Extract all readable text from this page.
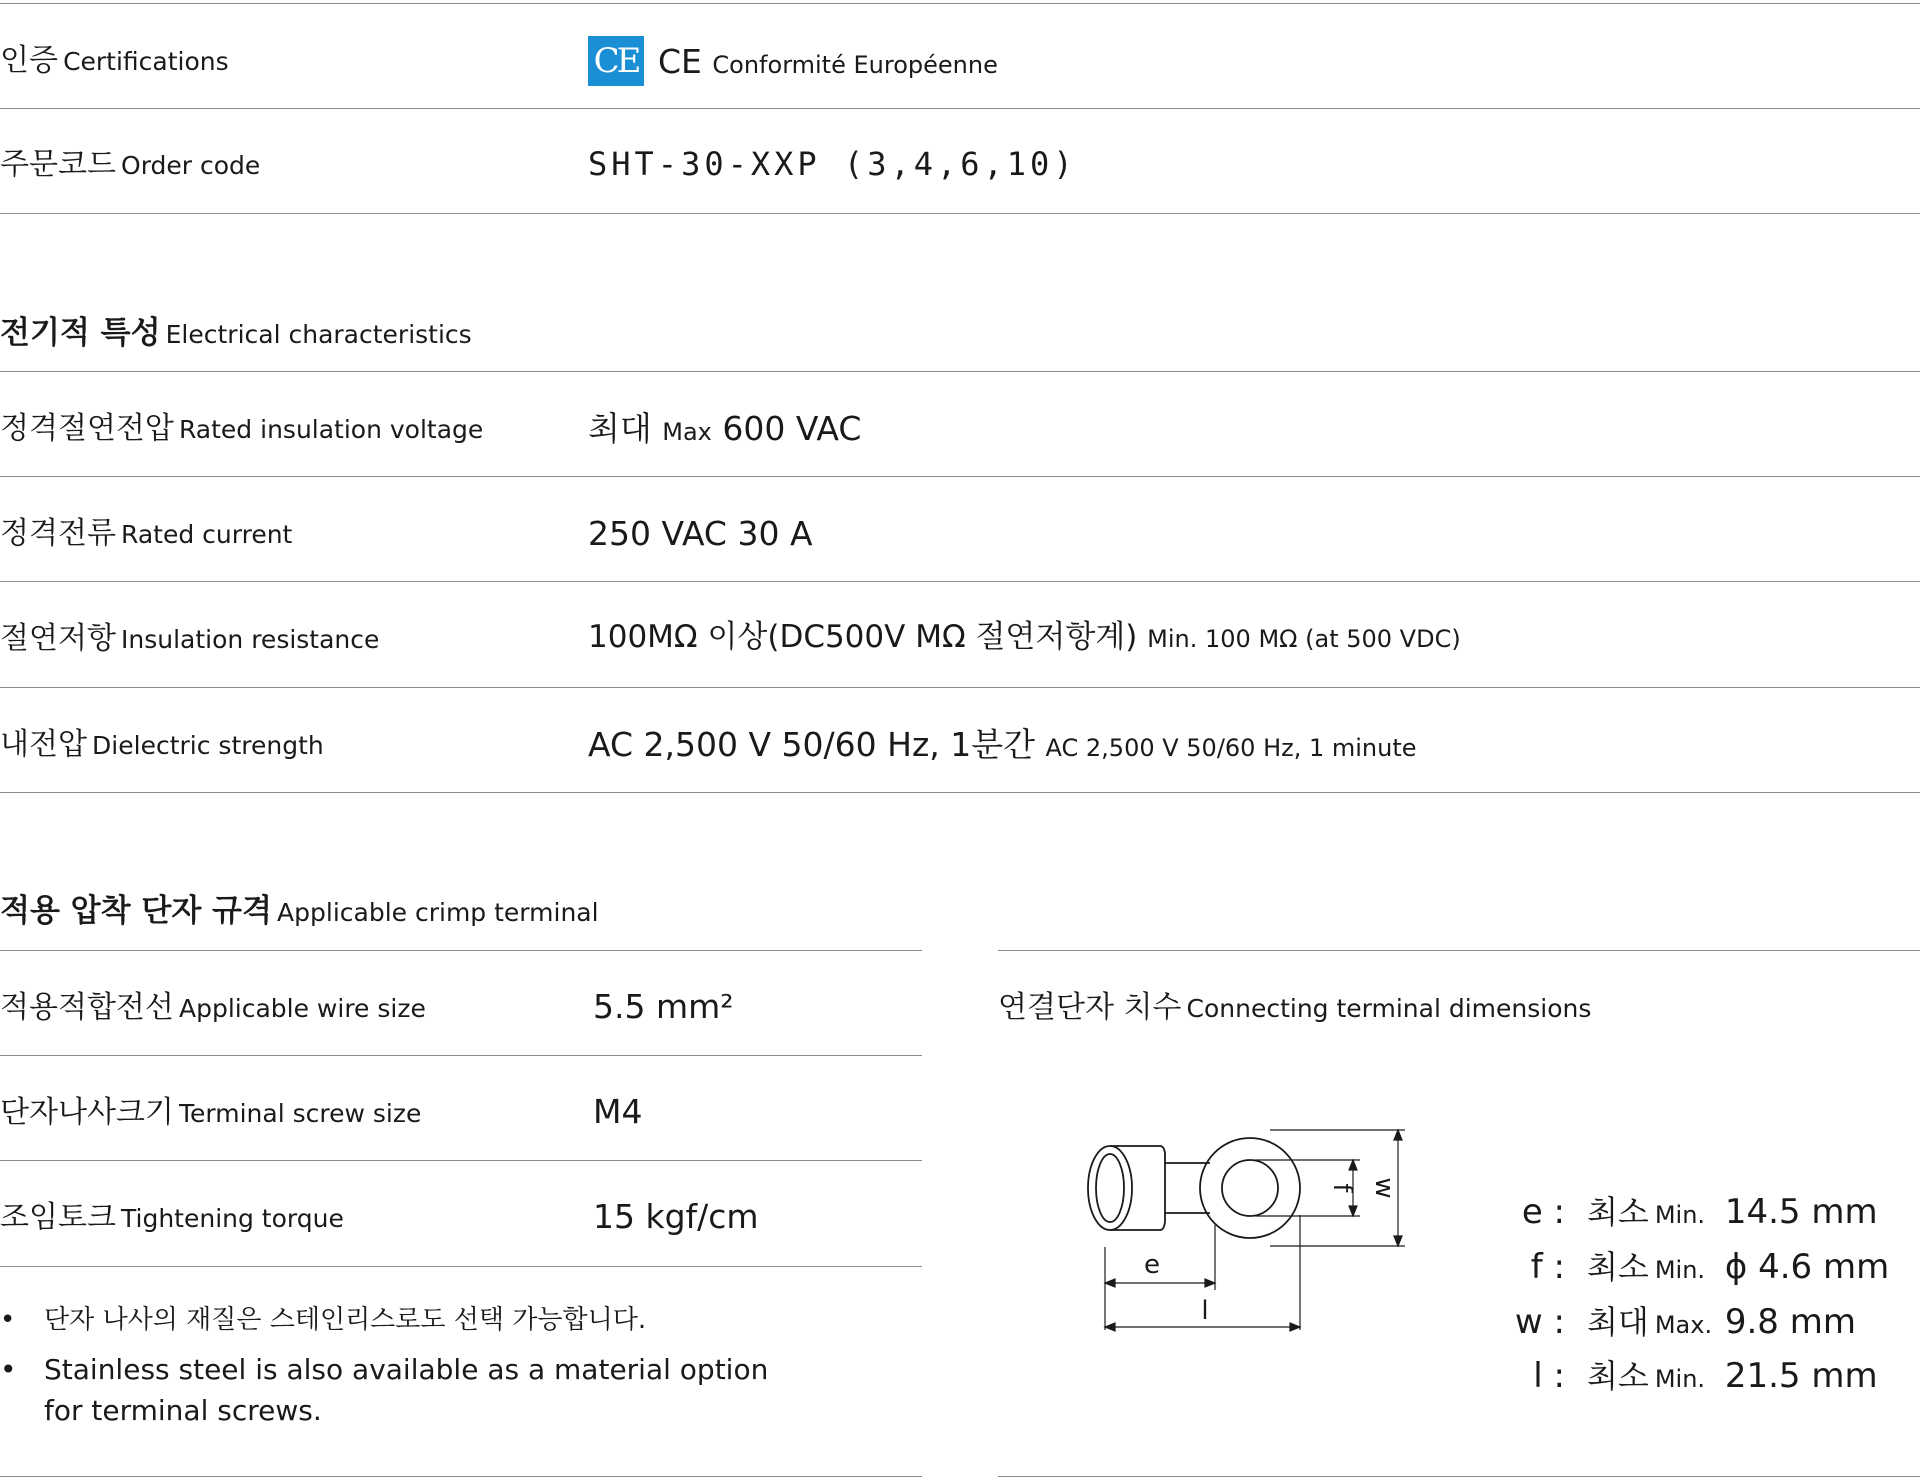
인증 Certifications	CE CE Conformité Européenne
주문코드 Order code	SHT-30-XXP (3,4,6,10)
전기적 특성 Electrical characteristics
정격절연전압 Rated insulation voltage	최대 Max 600 VAC
정격전류 Rated current	250 VAC 30 A
절연저항 Insulation resistance	100MΩ 이상(DC500V MΩ 절연저항계) Min. 100 MΩ (at 500 VDC)
내전압 Dielectric strength	AC 2,500 V 50/60 Hz, 1분간 AC 2,500 V 50/60 Hz, 1 minute
적용 압착 단자 규격 Applicable crimp terminal
적용적합전선 Applicable wire size	5.5 mm²
단자나사크기 Terminal screw size	M4
조임토크 Tightening torque	15 kgf/cm
• 단자 나사의 재질은 스테인리스로도 선택 가능합니다.
• Stainless steel is also available as a material option
for terminal screws.
연결단자 치수 Connecting terminal dimensions
e
l
f w
e : 최소 Min. 14.5 mm
f : 최소 Min. ϕ 4.6 mm
w : 최대 Max. 9.8 mm
l : 최소 Min. 21.5 mm
